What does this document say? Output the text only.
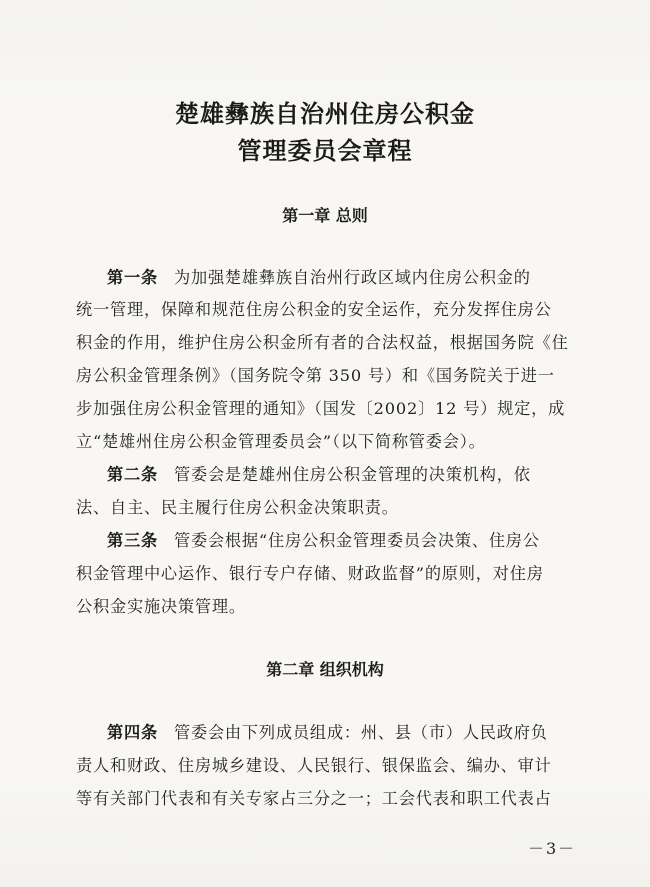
楚雄彝族自治州住房公积金
管理委员会章程
第一章 总则
第一条 为加强楚雄彝族自治州行政区域内住房公积金的
统一管理，保障和规范住房公积金的安全运作，充分发挥住房公
积金的作用，维护住房公积金所有者的合法权益，根据国务院《住
房公积金管理条例》（国务院令第 350 号）和《国务院关于进一
步加强住房公积金管理的通知》（国发〔2002〕12 号）规定，成
立“楚雄州住房公积金管理委员会”（以下简称管委会）。
第二条 管委会是楚雄州住房公积金管理的决策机构，依
法、自主、民主履行住房公积金决策职责。
第三条 管委会根据“住房公积金管理委员会决策、住房公
积金管理中心运作、银行专户存储、财政监督”的原则，对住房
公积金实施决策管理。
第二章 组织机构
第四条 管委会由下列成员组成：州、县（市）人民政府负
责人和财政、住房城乡建设、人民银行、银保监会、编办、审计
等有关部门代表和有关专家占三分之一；工会代表和职工代表占
－3－
